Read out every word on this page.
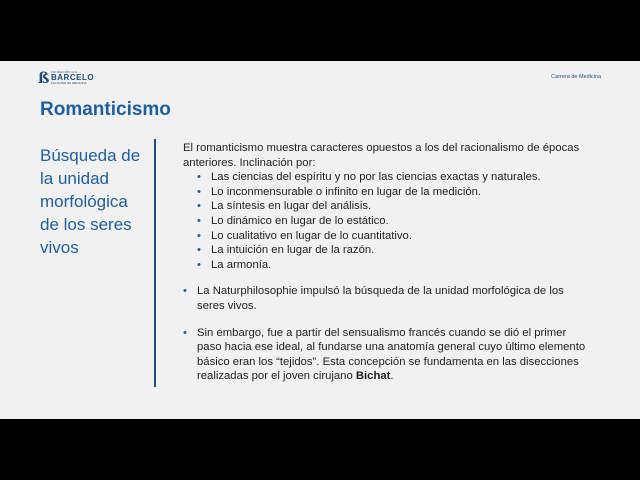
ß FUNDACIÓN H.A.
BARCELO
FACULTAD DE MEDICINA
Carrera de Medicina
Romanticismo
Búsqueda de la unidad morfológica de los seres vivos

El romanticismo muestra caracteres opuestos a los del racionalismo de épocas anteriores. Inclinación por:

• Las ciencias del espíritu y no por las ciencias exactas y naturales.
• Lo inconmensurable o infinito en lugar de la medición.
• La síntesis en lugar del análisis.
• Lo dinámico en lugar de lo estático.
• Lo cualitativo en lugar de lo cuantitativo.
• La intuición en lugar de la razón.
• La armonía.
• La Naturphilosophie impulsó la búsqueda de la unidad morfológica de los seres vivos.
• Sin embargo, fue a partir del sensualismo francés cuando se dió el primer paso hacia ese ideal, al fundarse una anatomía general cuyo último elemento básico eran los “tejidos”. Esta concepción se fundamenta en las disecciones realizadas por el joven cirujano Bichat.
